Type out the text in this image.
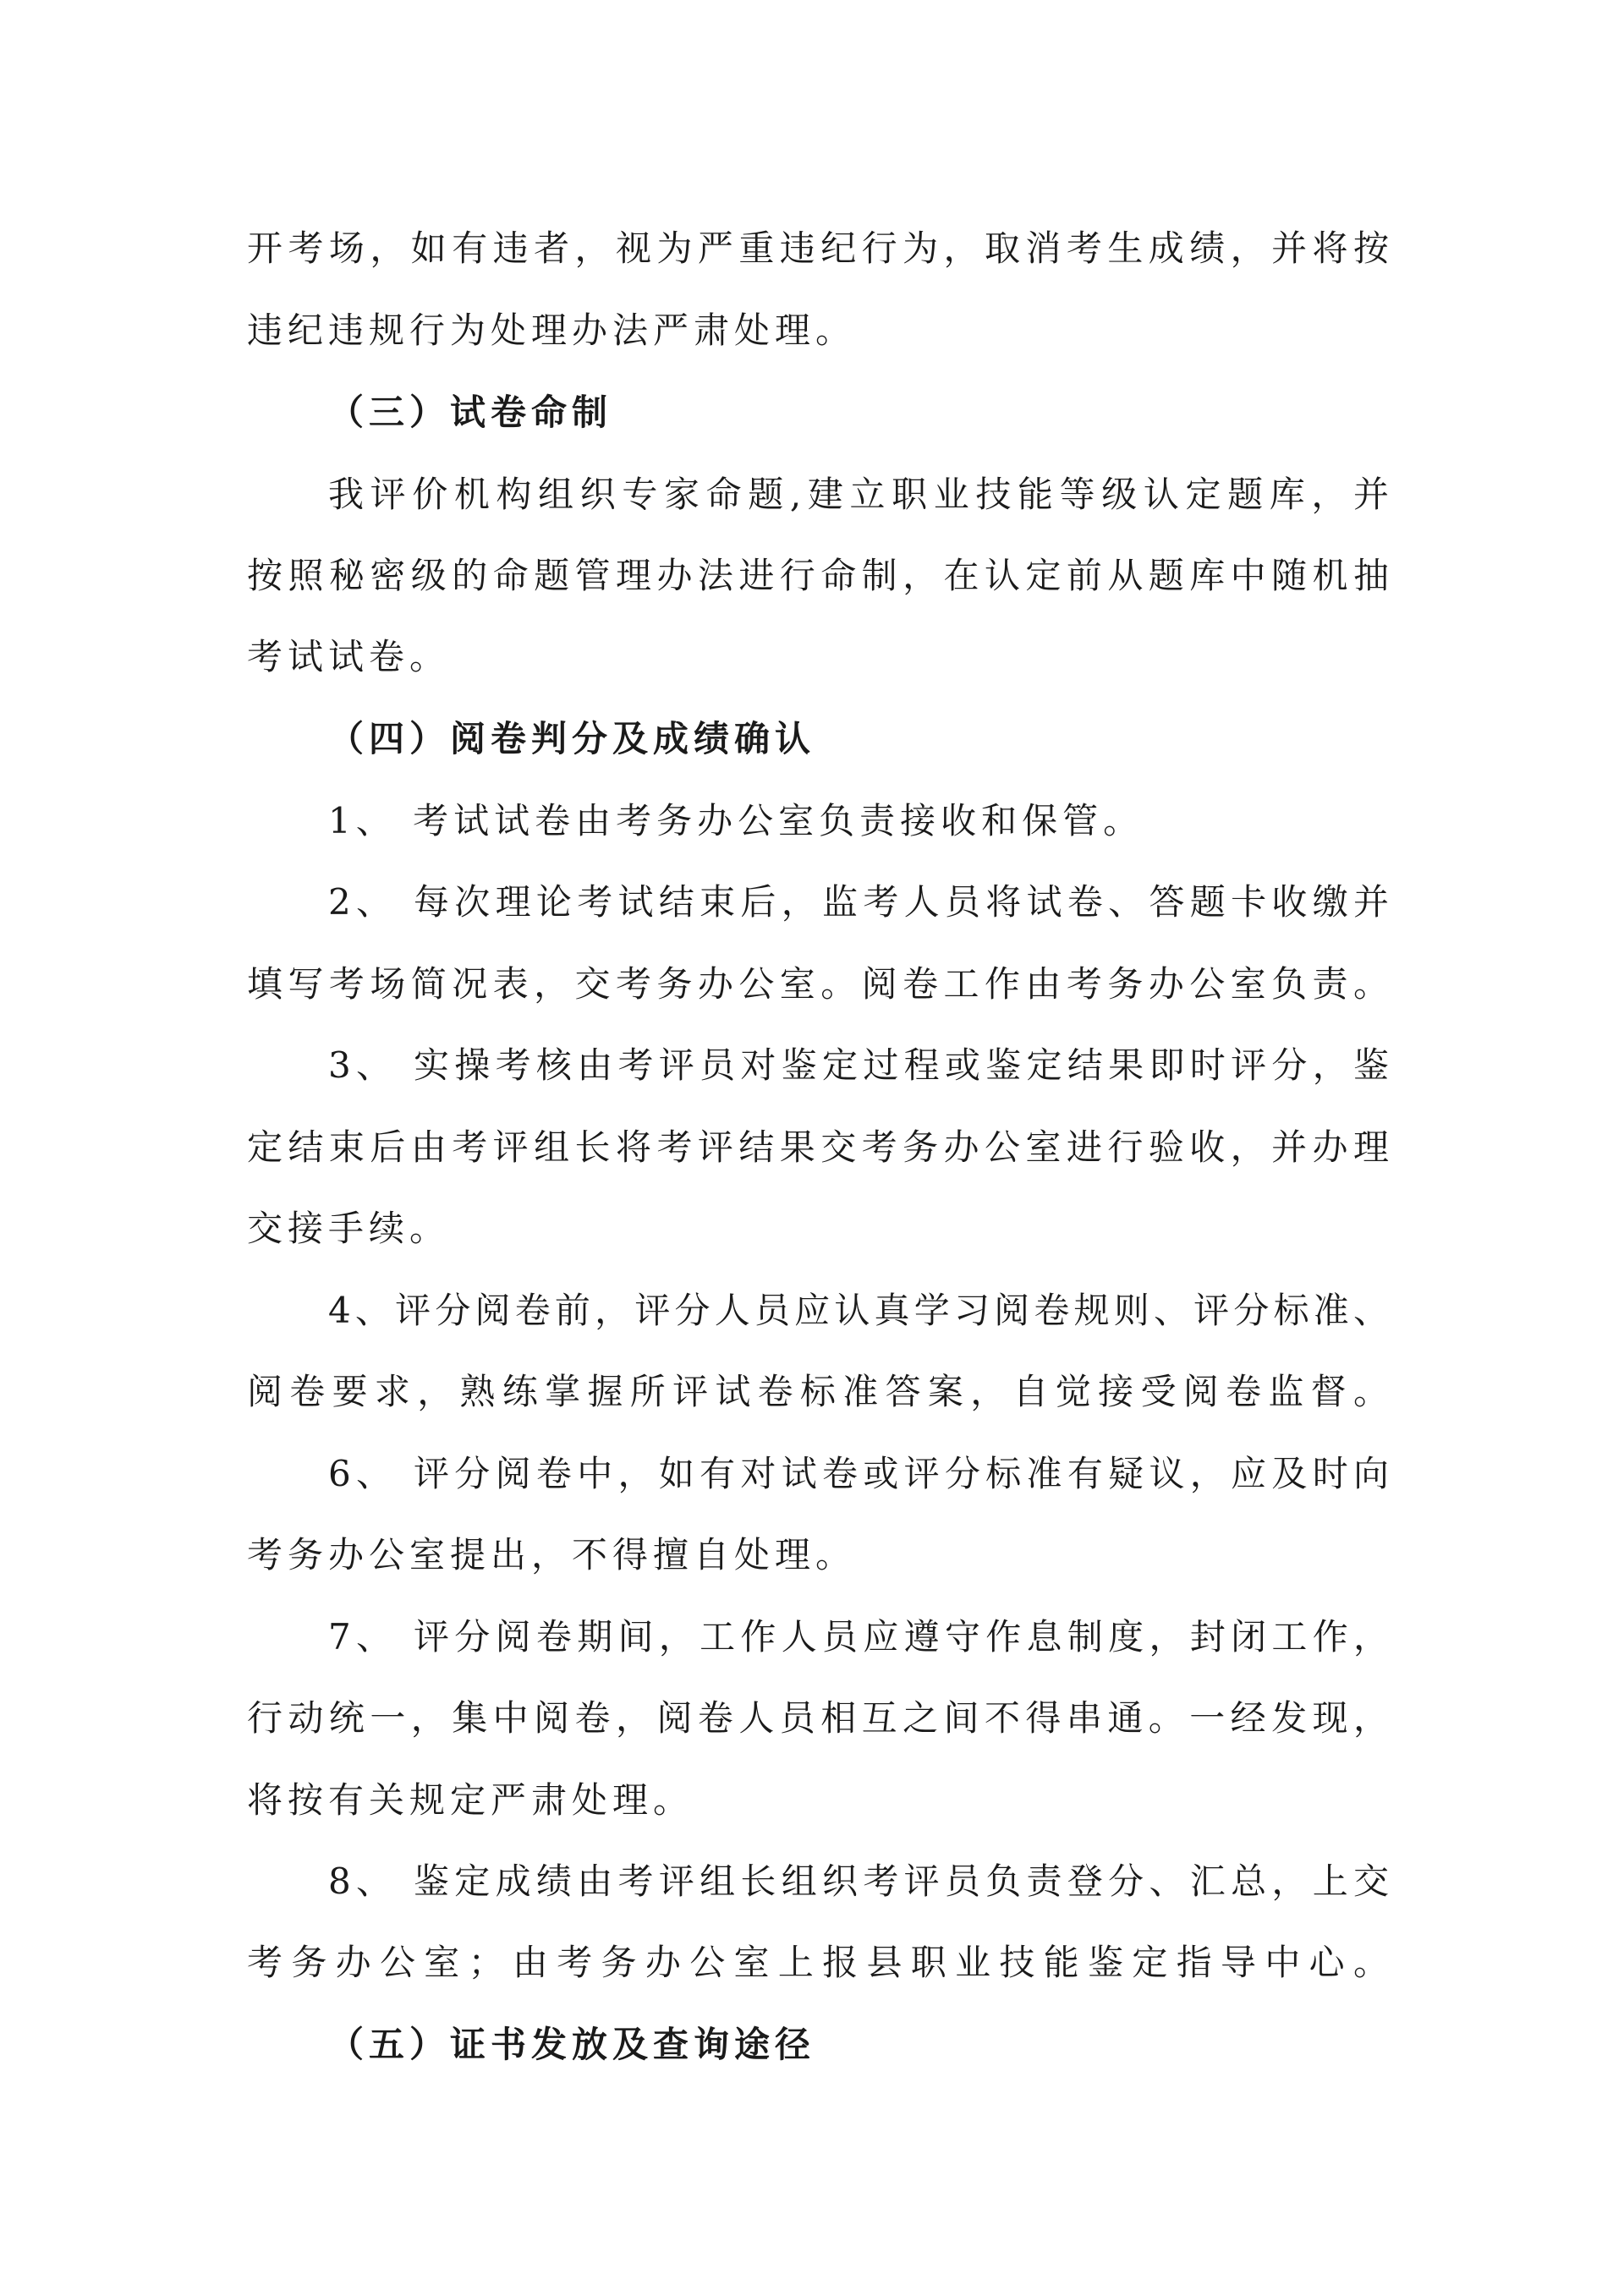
开考场，如有违者，视为严重违纪行为，取消考生成绩，并将按
违纪违规行为处理办法严肃处理。
（三）试卷命制
我评价机构组织专家命题,建立职业技能等级认定题库，并
按照秘密级的命题管理办法进行命制，在认定前从题库中随机抽
考试试卷。
（四）阅卷判分及成绩确认
1、 考试试卷由考务办公室负责接收和保管。
2、 每次理论考试结束后，监考人员将试卷、答题卡收缴并
填写考场简况表，交考务办公室。阅卷工作由考务办公室负责。
3、 实操考核由考评员对鉴定过程或鉴定结果即时评分，鉴
定结束后由考评组长将考评结果交考务办公室进行验收，并办理
交接手续。
4、评分阅卷前，评分人员应认真学习阅卷规则、评分标准、
阅卷要求，熟练掌握所评试卷标准答案，自觉接受阅卷监督。
6、 评分阅卷中，如有对试卷或评分标准有疑议，应及时向
考务办公室提出，不得擅自处理。
7、 评分阅卷期间，工作人员应遵守作息制度，封闭工作，
行动统一，集中阅卷，阅卷人员相互之间不得串通。一经发现，
将按有关规定严肃处理。
8、 鉴定成绩由考评组长组织考评员负责登分、汇总，上交
考务办公室；由考务办公室上报县职业技能鉴定指导中心。
（五）证书发放及查询途径
